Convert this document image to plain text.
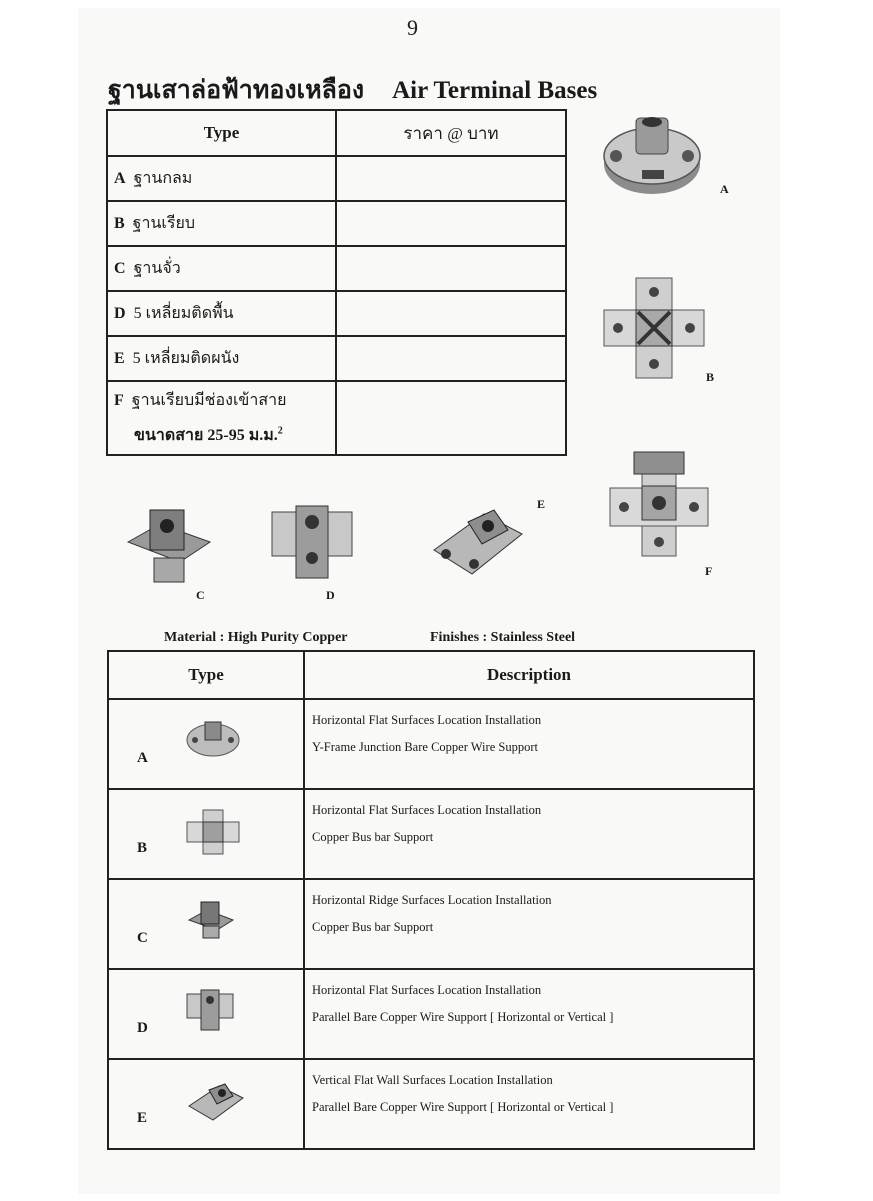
9
ฐานเสาล่อฟ้าทองเหลือง Air Terminal Bases
Type	ราคา @ บาท
A ฐานกลม	
B ฐานเรียบ	
C ฐานจั่ว	
D 5 เหลี่ยมติดพื้น	
E 5 เหลี่ยมติดผนัง	
F ฐานเรียบมีช่องเข้าสาย
ขนาดสาย 25-95 ม.ม.$^2$

A
B
C	D
E
F
Material : High Purity Copper	Finishes : Stainless Steel
Type	Description

A	Horizontal Flat Surfaces Location Installation
Y-Frame Junction Bare Copper Wire Support

B	Horizontal Flat Surfaces Location Installation
Copper Bus bar Support

C	Horizontal Ridge Surfaces Location Installation
Copper Bus bar Support

D	Horizontal Flat Surfaces Location Installation
Parallel Bare Copper Wire Support [ Horizontal or Vertical ]

E	Vertical Flat Wall Surfaces Location Installation
Parallel Bare Copper Wire Support [ Horizontal or Vertical ]
